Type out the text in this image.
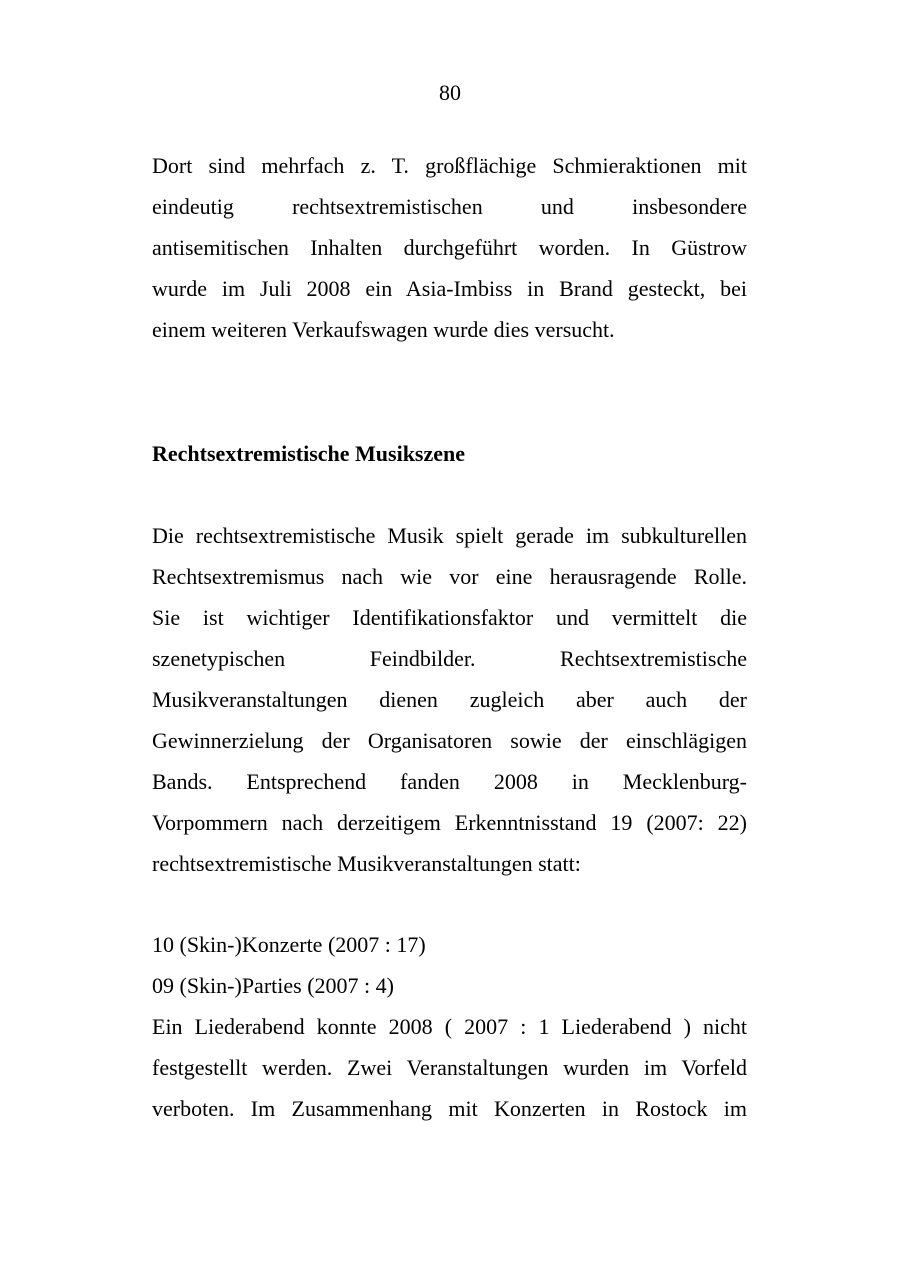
80
Dort sind mehrfach z. T. großflächige Schmieraktionen mit
eindeutig rechtsextremistischen und insbesondere
antisemitischen Inhalten durchgeführt worden. In Güstrow
wurde im Juli 2008 ein Asia-Imbiss in Brand gesteckt, bei
einem weiteren Verkaufswagen wurde dies versucht.
Rechtsextremistische Musikszene
Die rechtsextremistische Musik spielt gerade im subkulturellen
Rechtsextremismus nach wie vor eine herausragende Rolle.
Sie ist wichtiger Identifikationsfaktor und vermittelt die
szenetypischen Feindbilder. Rechtsextremistische
Musikveranstaltungen dienen zugleich aber auch der
Gewinnerzielung der Organisatoren sowie der einschlägigen
Bands. Entsprechend fanden 2008 in Mecklenburg-
Vorpommern nach derzeitigem Erkenntnisstand 19 (2007: 22)
rechtsextremistische Musikveranstaltungen statt:
10 (Skin-)Konzerte (2007 : 17)
09 (Skin-)Parties (2007 : 4)
Ein Liederabend konnte 2008 ( 2007 : 1 Liederabend ) nicht
festgestellt werden. Zwei Veranstaltungen wurden im Vorfeld
verboten. Im Zusammenhang mit Konzerten in Rostock im
